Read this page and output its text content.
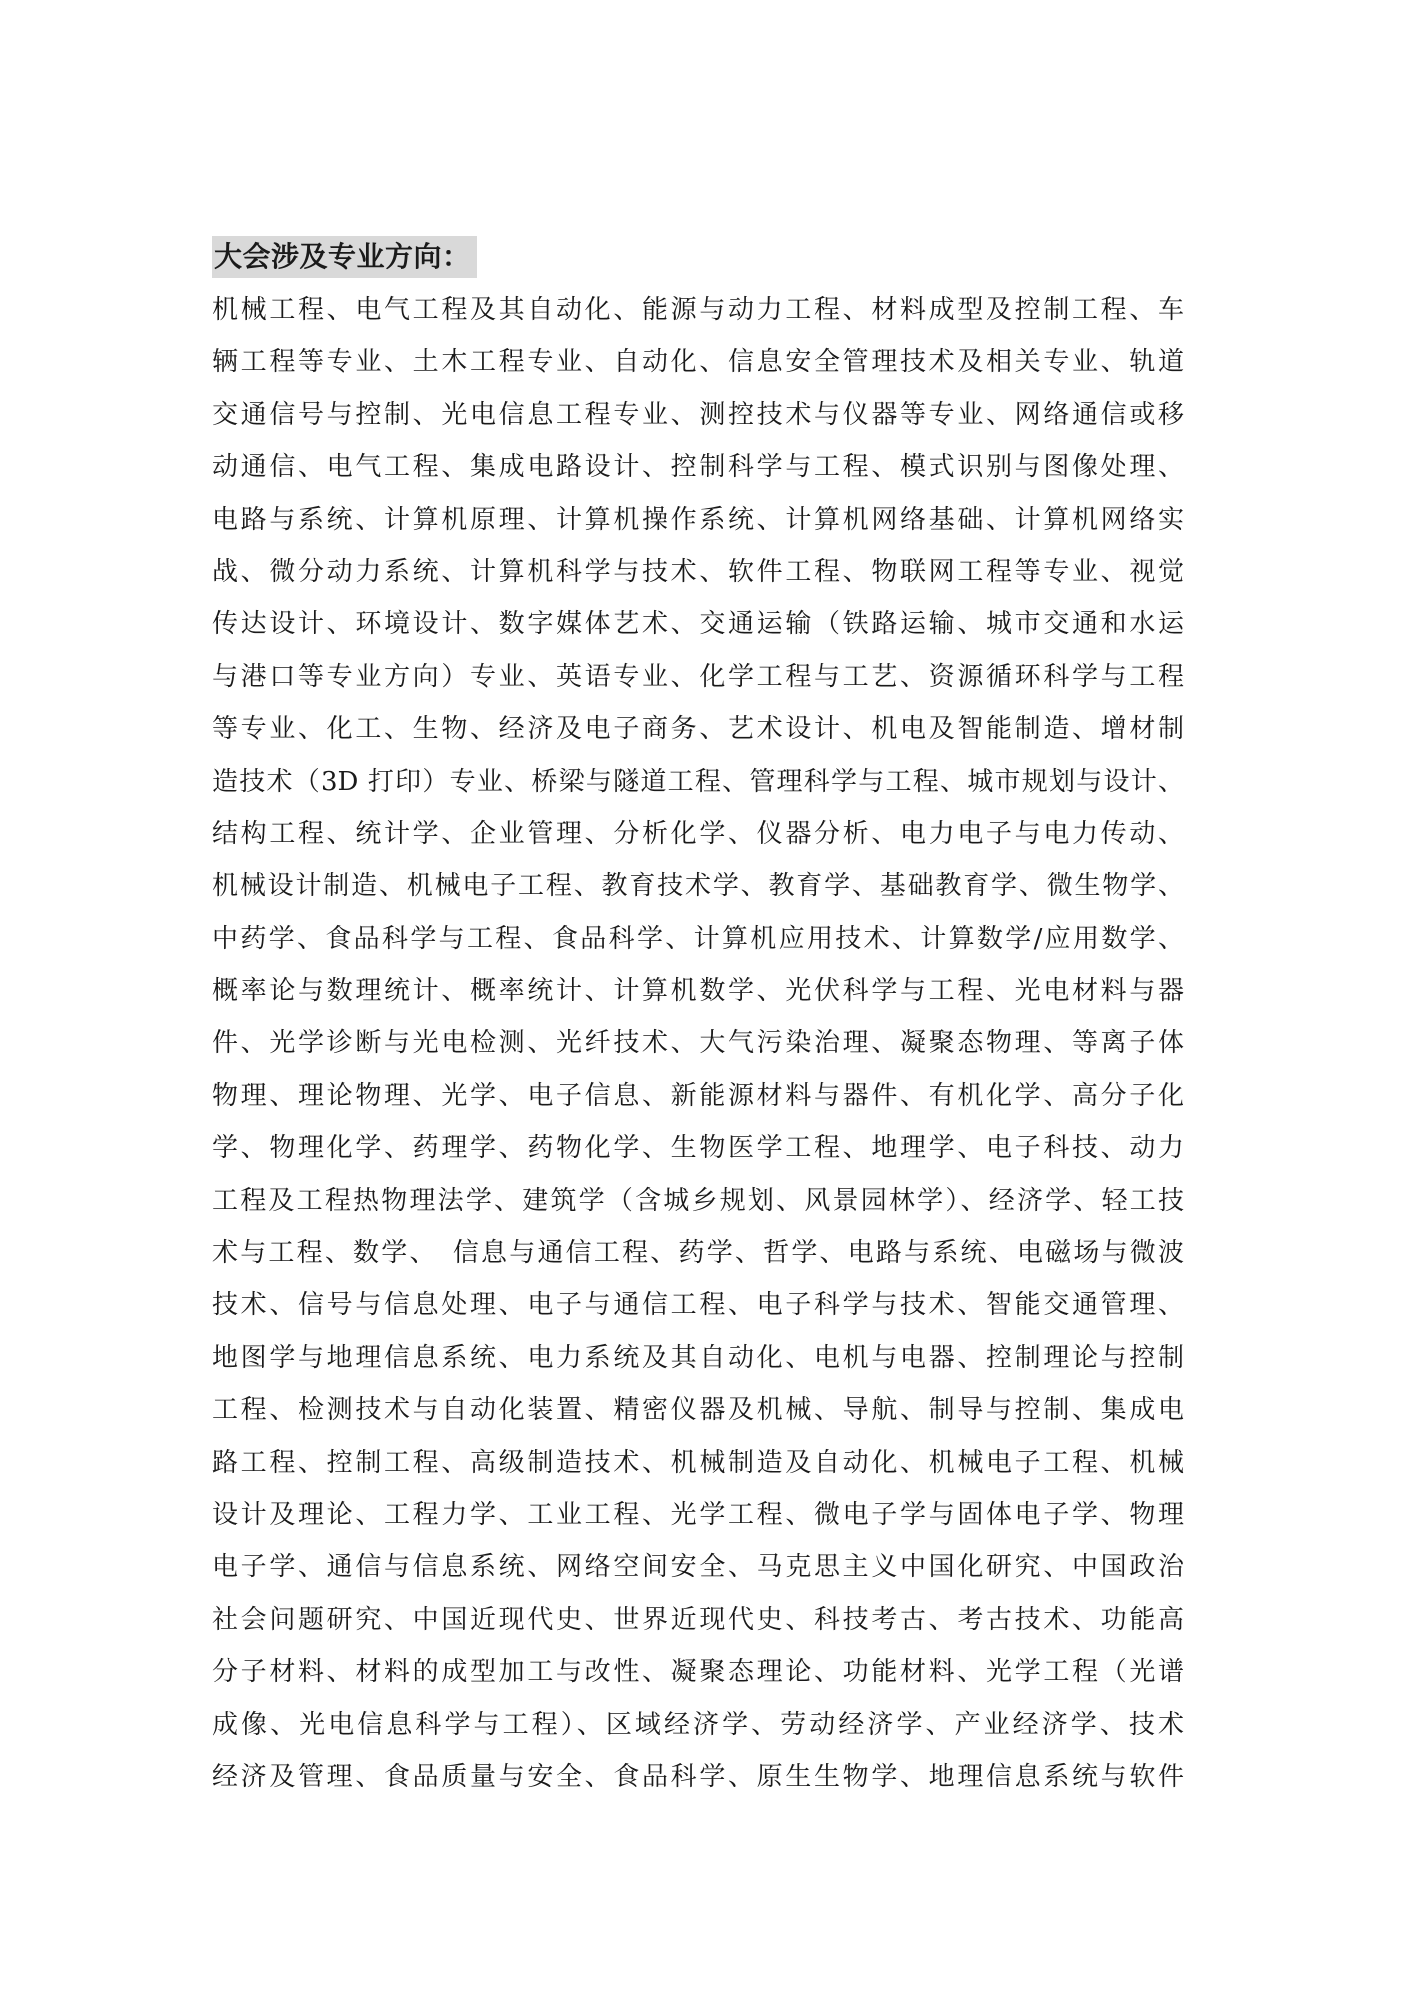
大会涉及专业方向：
机械工程、电气工程及其自动化、能源与动力工程、材料成型及控制工程、车
辆工程等专业、土木工程专业、自动化、信息安全管理技术及相关专业、轨道
交通信号与控制、光电信息工程专业、测控技术与仪器等专业、网络通信或移
动通信、电气工程、集成电路设计、控制科学与工程、模式识别与图像处理、
电路与系统、计算机原理、计算机操作系统、计算机网络基础、计算机网络实
战、微分动力系统、计算机科学与技术、软件工程、物联网工程等专业、视觉
传达设计、环境设计、数字媒体艺术、交通运输（铁路运输、城市交通和水运
与港口等专业方向）专业、英语专业、化学工程与工艺、资源循环科学与工程
等专业、化工、生物、经济及电子商务、艺术设计、机电及智能制造、增材制
造技术（3D 打印）专业、桥梁与隧道工程、管理科学与工程、城市规划与设计、
结构工程、统计学、企业管理、分析化学、仪器分析、电力电子与电力传动、
机械设计制造、机械电子工程、教育技术学、教育学、基础教育学、微生物学、
中药学、食品科学与工程、食品科学、计算机应用技术、计算数学/应用数学、
概率论与数理统计、概率统计、计算机数学、光伏科学与工程、光电材料与器
件、光学诊断与光电检测、光纤技术、大气污染治理、凝聚态物理、等离子体
物理、理论物理、光学、电子信息、新能源材料与器件、有机化学、高分子化
学、物理化学、药理学、药物化学、生物医学工程、地理学、电子科技、动力
工程及工程热物理法学、建筑学（含城乡规划、风景园林学）、经济学、轻工技
术与工程、数学、　信息与通信工程、药学、哲学、电路与系统、电磁场与微波
技术、信号与信息处理、电子与通信工程、电子科学与技术、智能交通管理、
地图学与地理信息系统、电力系统及其自动化、电机与电器、控制理论与控制
工程、检测技术与自动化装置、精密仪器及机械、导航、制导与控制、集成电
路工程、控制工程、高级制造技术、机械制造及自动化、机械电子工程、机械
设计及理论、工程力学、工业工程、光学工程、微电子学与固体电子学、物理
电子学、通信与信息系统、网络空间安全、马克思主义中国化研究、中国政治
社会问题研究、中国近现代史、世界近现代史、科技考古、考古技术、功能高
分子材料、材料的成型加工与改性、凝聚态理论、功能材料、光学工程（光谱
成像、光电信息科学与工程）、区域经济学、劳动经济学、产业经济学、技术
经济及管理、食品质量与安全、食品科学、原生生物学、地理信息系统与软件
